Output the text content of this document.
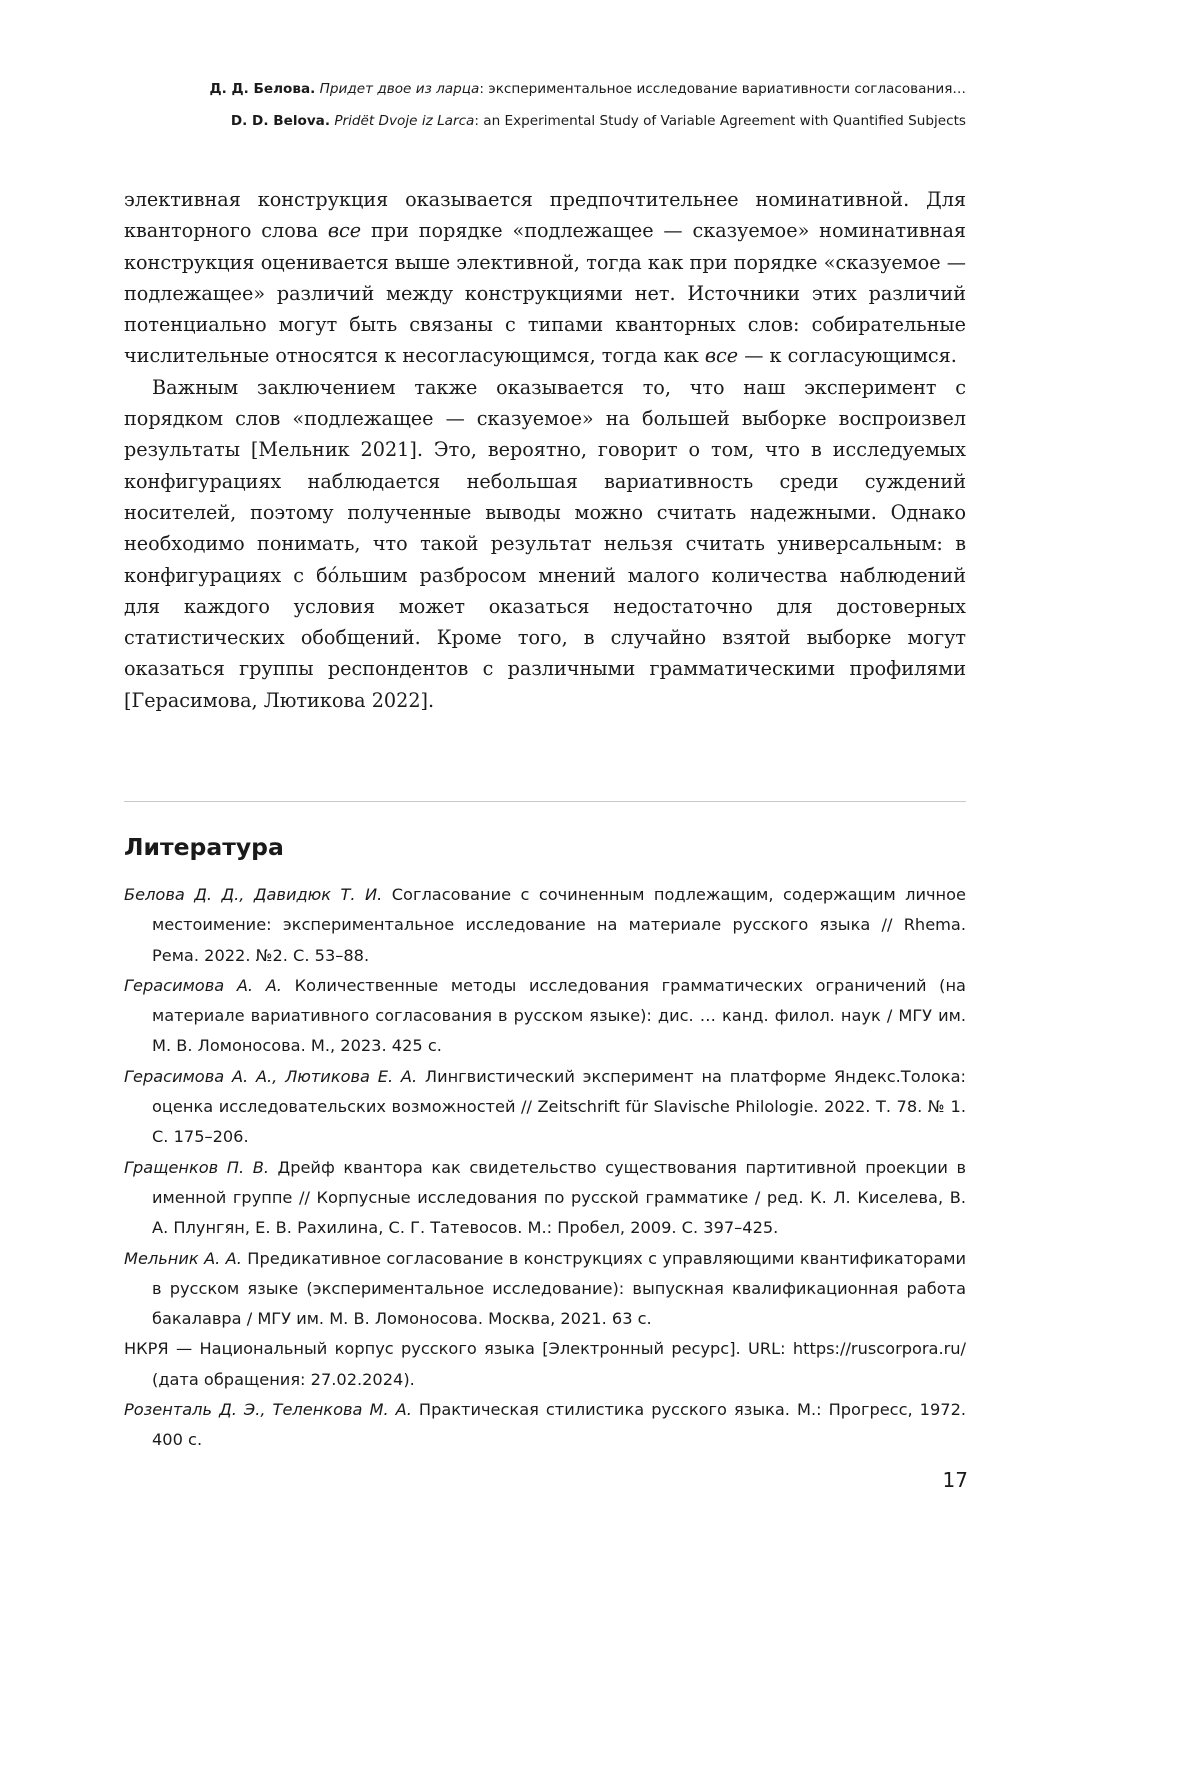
Д. Д. Белова. Придет двое из ларца: экспериментальное исследование вариативности согласования…
D. D. Belova. Pridët Dvoje iz Larca: an Experimental Study of Variable Agreement with Quantified Subjects

элективная конструкция оказывается предпочтительнее номинативной. Для кванторного слова все при порядке «подлежащее — сказуемое» номинативная конструкция оценивается выше элективной, тогда как при порядке «сказуемое — подлежащее» различий между конструкциями нет. Источники этих различий потенциально могут быть связаны с типами кванторных слов: собирательные числительные относятся к несогласующимся, тогда как все — к согласующимся.

Важным заключением также оказывается то, что наш эксперимент с порядком слов «подлежащее — сказуемое» на большей выборке воспроизвел результаты [Мельник 2021]. Это, вероятно, говорит о том, что в исследуемых конфигурациях наблюдается небольшая вариативность среди суждений носителей, поэтому полученные выводы можно считать надежными. Однако необходимо понимать, что такой результат нельзя считать универсальным: в конфигурациях с бóльшим разбросом мнений малого количества наблюдений для каждого условия может оказаться недостаточно для достоверных статистических обобщений. Кроме того, в случайно взятой выборке могут оказаться группы респондентов с различными грамматическими профилями [Герасимова, Лютикова 2022].

Литература
Белова Д. Д., Давидюк Т. И. Согласование с сочиненным подлежащим, содержащим личное местоимение: экспериментальное исследование на материале русского языка // Rhema. Рема. 2022. №2. С. 53–88.
Герасимова А. А. Количественные методы исследования грамматических ограничений (на материале вариативного согласования в русском языке): дис. … канд. филол. наук / МГУ им. М. В. Ломоносова. М., 2023. 425 с.
Герасимова А. А., Лютикова Е. А. Лингвистический эксперимент на платформе Яндекс.Толока: оценка исследовательских возможностей // Zeitschrift für Slavische Philologie. 2022. Т. 78. № 1. С. 175–206.
Гращенков П. В. Дрейф квантора как свидетельство существования партитивной проекции в именной группе // Корпусные исследования по русской грамматике / ред. К. Л. Киселева, В. А. Плунгян, Е. В. Рахилина, С. Г. Татевосов. М.: Пробел, 2009. С. 397–425.
Мельник А. А. Предикативное согласование в конструкциях с управляющими квантификаторами в русском языке (экспериментальное исследование): выпускная квалификационная работа бакалавра / МГУ им. М. В. Ломоносова. Москва, 2021. 63 с.
НКРЯ — Национальный корпус русского языка [Электронный ресурс]. URL: https://ruscorpora.ru/ (дата обращения: 27.02.2024).
Розенталь Д. Э., Теленкова М. А. Практическая стилистика русского языка. М.: Прогресс, 1972. 400 с.
17
